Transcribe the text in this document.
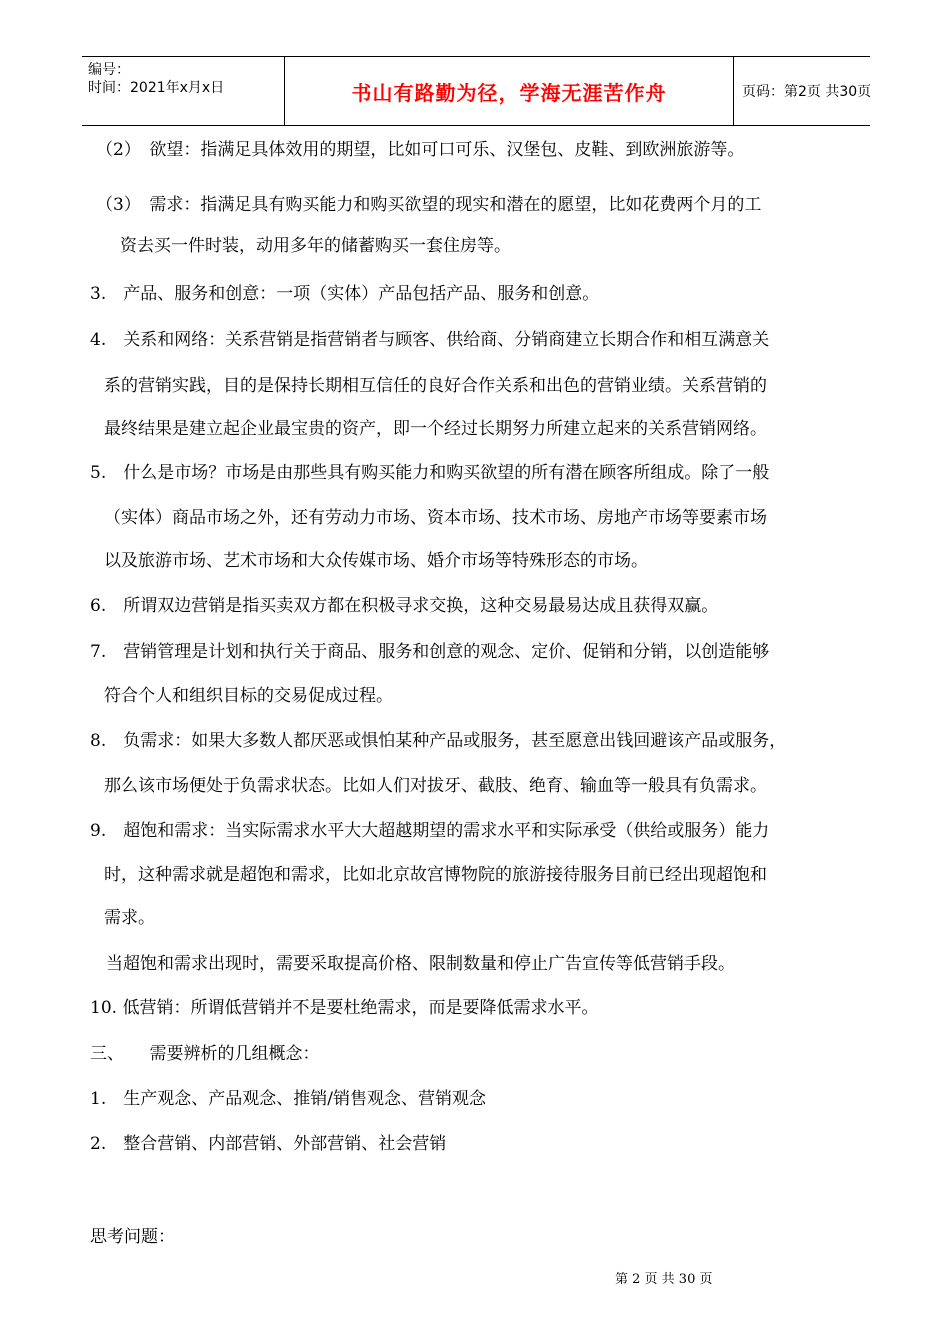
编号：
时间：2021年x月x日	书山有路勤为径，学海无涯苦作舟	页码：第2页 共30页
（2）　欲望：指满足具体效用的期望，比如可口可乐、汉堡包、皮鞋、到欧洲旅游等。
（3）　需求：指满足具有购买能力和购买欲望的现实和潜在的愿望，比如花费两个月的工
资去买一件时装，动用多年的储蓄购买一套住房等。
3.　产品、服务和创意：一项（实体）产品包括产品、服务和创意。
4.　关系和网络：关系营销是指营销者与顾客、供给商、分销商建立长期合作和相互满意关
系的营销实践，目的是保持长期相互信任的良好合作关系和出色的营销业绩。关系营销的
最终结果是建立起企业最宝贵的资产，即一个经过长期努力所建立起来的关系营销网络。
5.　什么是市场？市场是由那些具有购买能力和购买欲望的所有潜在顾客所组成。除了一般
（实体）商品市场之外，还有劳动力市场、资本市场、技术市场、房地产市场等要素市场
以及旅游市场、艺术市场和大众传媒市场、婚介市场等特殊形态的市场。
6.　所谓双边营销是指买卖双方都在积极寻求交换，这种交易最易达成且获得双赢。
7.　营销管理是计划和执行关于商品、服务和创意的观念、定价、促销和分销，以创造能够
符合个人和组织目标的交易促成过程。
8.　负需求：如果大多数人都厌恶或惧怕某种产品或服务，甚至愿意出钱回避该产品或服务，
那么该市场便处于负需求状态。比如人们对拔牙、截肢、绝育、输血等一般具有负需求。
9.　超饱和需求：当实际需求水平大大超越期望的需求水平和实际承受（供给或服务）能力
时，这种需求就是超饱和需求，比如北京故宫博物院的旅游接待服务目前已经出现超饱和
需求。
当超饱和需求出现时，需要采取提高价格、限制数量和停止广告宣传等低营销手段。
10. 低营销：所谓低营销并不是要杜绝需求，而是要降低需求水平。
三、　　需要辨析的几组概念：
1.　生产观念、产品观念、推销/销售观念、营销观念
2.　整合营销、内部营销、外部营销、社会营销
思考问题：
第 2 页 共 30 页
